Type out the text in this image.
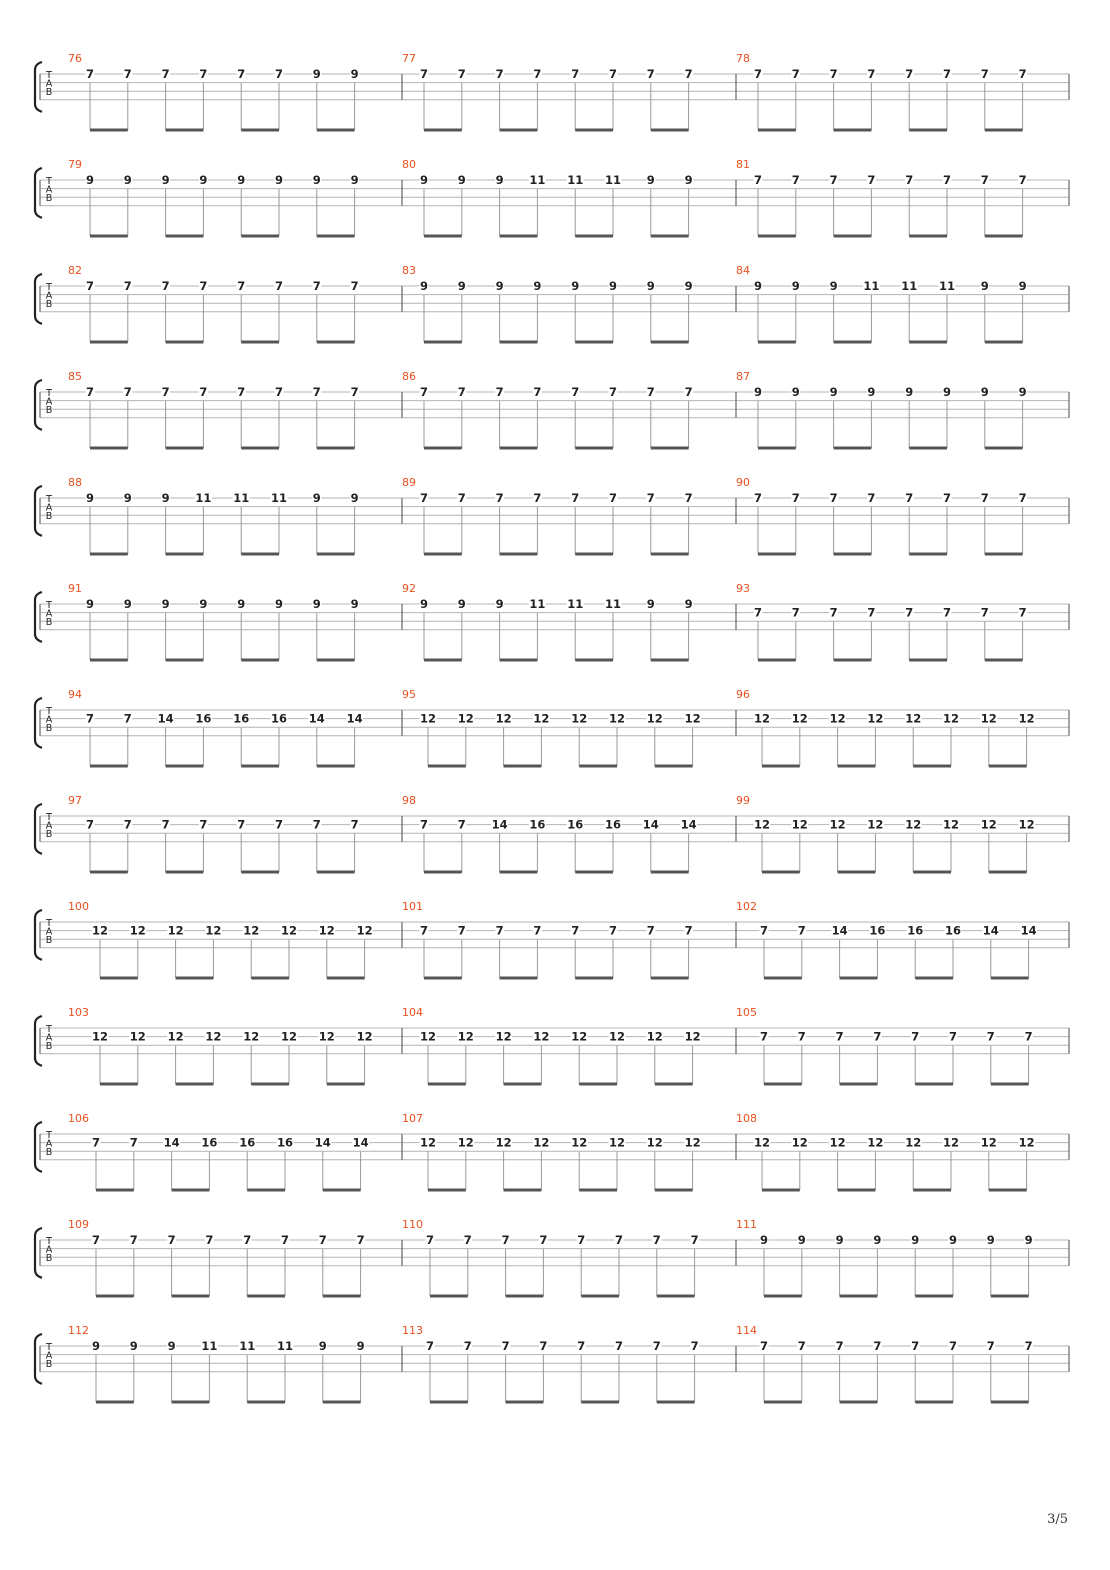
T
A
B
76
7	7	7	7	7	7	9	9
77
7	7	7	7	7	7	7	7
78
7	7	7	7	7	7	7	7
T
A
B
79
9	9	9	9	9	9	9	9
80
9	9	9 11 11 11 9	9
81
7	7	7	7	7	7	7	7
T
A
B
82
7	7	7	7	7	7	7	7
83
9	9	9	9	9	9	9	9
84
9	9	9 11 11 11 9	9
T
A
B
85
7	7	7	7	7	7	7	7
86
7	7	7	7	7	7	7	7
87
9	9	9	9	9	9	9	9
T
A
B
88
9	9	9 11 11 11 9	9
89
7	7	7	7	7	7	7	7
90
7	7	7	7	7	7	7	7
T
A
B
91
9	9	9	9	9	9	9	9
92
9	9	9 11 11 11 9	9
93
7	7	7	7	7	7	7	7
T
A
B
94
7	7 14 16 16 16 14 14
95
12 12 12 12 12 12 12 12
96
12 12 12 12 12 12 12 12
T
A
B
97
7	7	7	7	7	7	7	7
98
7	7 14 16 16 16 14 14
99
12 12 12 12 12 12 12 12
T
A
B
100
12 12 12 12 12 12 12 12
101
7	7	7	7	7	7	7	7
102
7	7 14 16 16 16 14 14
T
A
B
103
12 12 12 12 12 12 12 12
104
12 12 12 12 12 12 12 12
105
7	7	7	7	7	7	7	7
T
A
B
106
7	7 14 16 16 16 14 14
107
12 12 12 12 12 12 12 12
108
12 12 12 12 12 12 12 12
T
A
B
109
7	7	7	7	7	7	7	7
110
7	7	7	7	7	7	7	7
111
9	9	9	9	9	9	9	9
T
A
B
112
9	9	9 11 11 11 9	9
113
7	7	7	7	7	7	7	7
114
7	7	7	7	7	7	7	7
3/5
